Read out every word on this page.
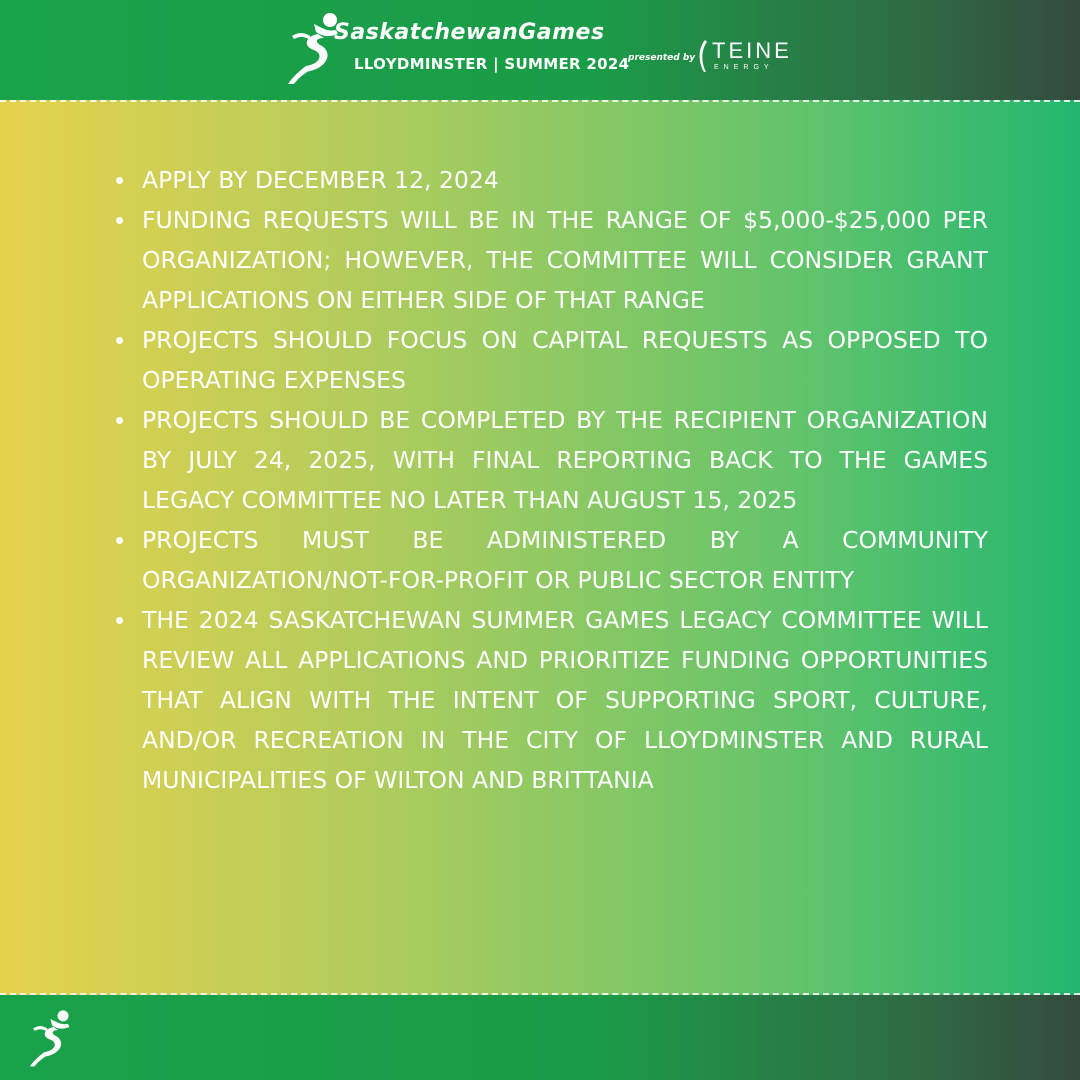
SaskatchewanGames
LLOYDMINSTER | SUMMER 2024
presented by TEINE
ENERGY
APPLY BY DECEMBER 12, 2024
FUNDING REQUESTS WILL BE IN THE RANGE OF $5,000-$25,000 PER ORGANIZATION; HOWEVER, THE COMMITTEE WILL CONSIDER GRANT APPLICATIONS ON EITHER SIDE OF THAT RANGE
PROJECTS SHOULD FOCUS ON CAPITAL REQUESTS AS OPPOSED TO OPERATING EXPENSES
PROJECTS SHOULD BE COMPLETED BY THE RECIPIENT ORGANIZATION BY JULY 24, 2025, WITH FINAL REPORTING BACK TO THE GAMES LEGACY COMMITTEE NO LATER THAN AUGUST 15, 2025
PROJECTS MUST BE ADMINISTERED BY A COMMUNITY ORGANIZATION/NOT-FOR-PROFIT OR PUBLIC SECTOR ENTITY
THE 2024 SASKATCHEWAN SUMMER GAMES LEGACY COMMITTEE WILL REVIEW ALL APPLICATIONS AND PRIORITIZE FUNDING OPPORTUNITIES THAT ALIGN WITH THE INTENT OF SUPPORTING SPORT, CULTURE, AND/OR RECREATION IN THE CITY OF LLOYDMINSTER AND RURAL MUNICIPALITIES OF WILTON AND BRITTANIA
